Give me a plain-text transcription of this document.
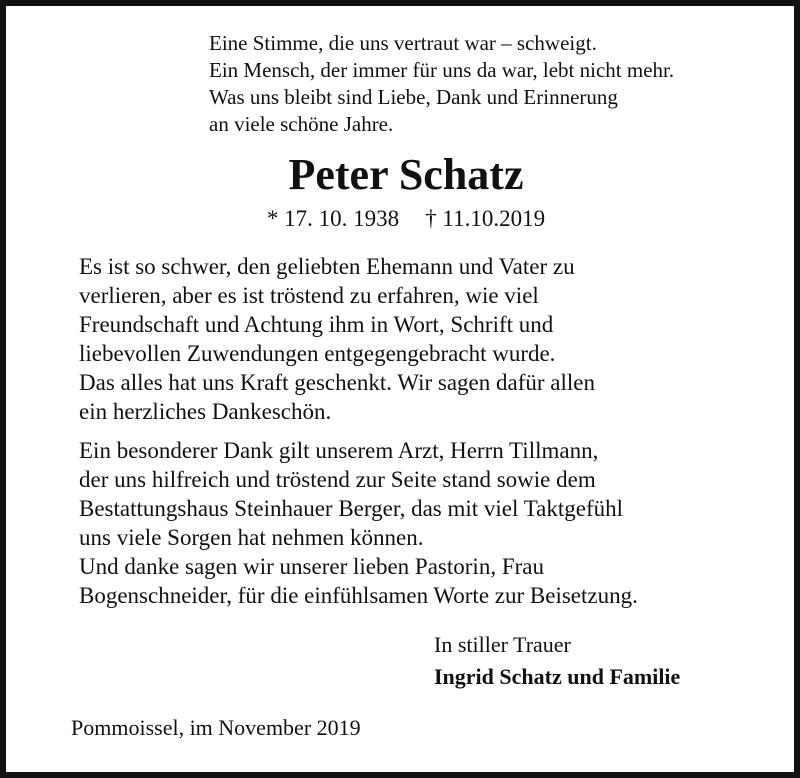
Eine Stimme, die uns vertraut war – schweigt.
Ein Mensch, der immer für uns da war, lebt nicht mehr.
Was uns bleibt sind Liebe, Dank und Erinnerung
an viele schöne Jahre.
Peter Schatz
* 17. 10. 1938 † 11.10.2019
Es ist so schwer, den geliebten Ehemann und Vater zu
verlieren, aber es ist tröstend zu erfahren, wie viel
Freundschaft und Achtung ihm in Wort, Schrift und
liebevollen Zuwendungen entgegengebracht wurde.
Das alles hat uns Kraft geschenkt. Wir sagen dafür allen
ein herzliches Dankeschön.
Ein besonderer Dank gilt unserem Arzt, Herrn Tillmann,
der uns hilfreich und tröstend zur Seite stand sowie dem
Bestattungshaus Steinhauer Berger, das mit viel Taktgefühl
uns viele Sorgen hat nehmen können.
Und danke sagen wir unserer lieben Pastorin, Frau
Bogenschneider, für die einfühlsamen Worte zur Beisetzung.
In stiller Trauer
Ingrid Schatz und Familie
Pommoissel, im November 2019
